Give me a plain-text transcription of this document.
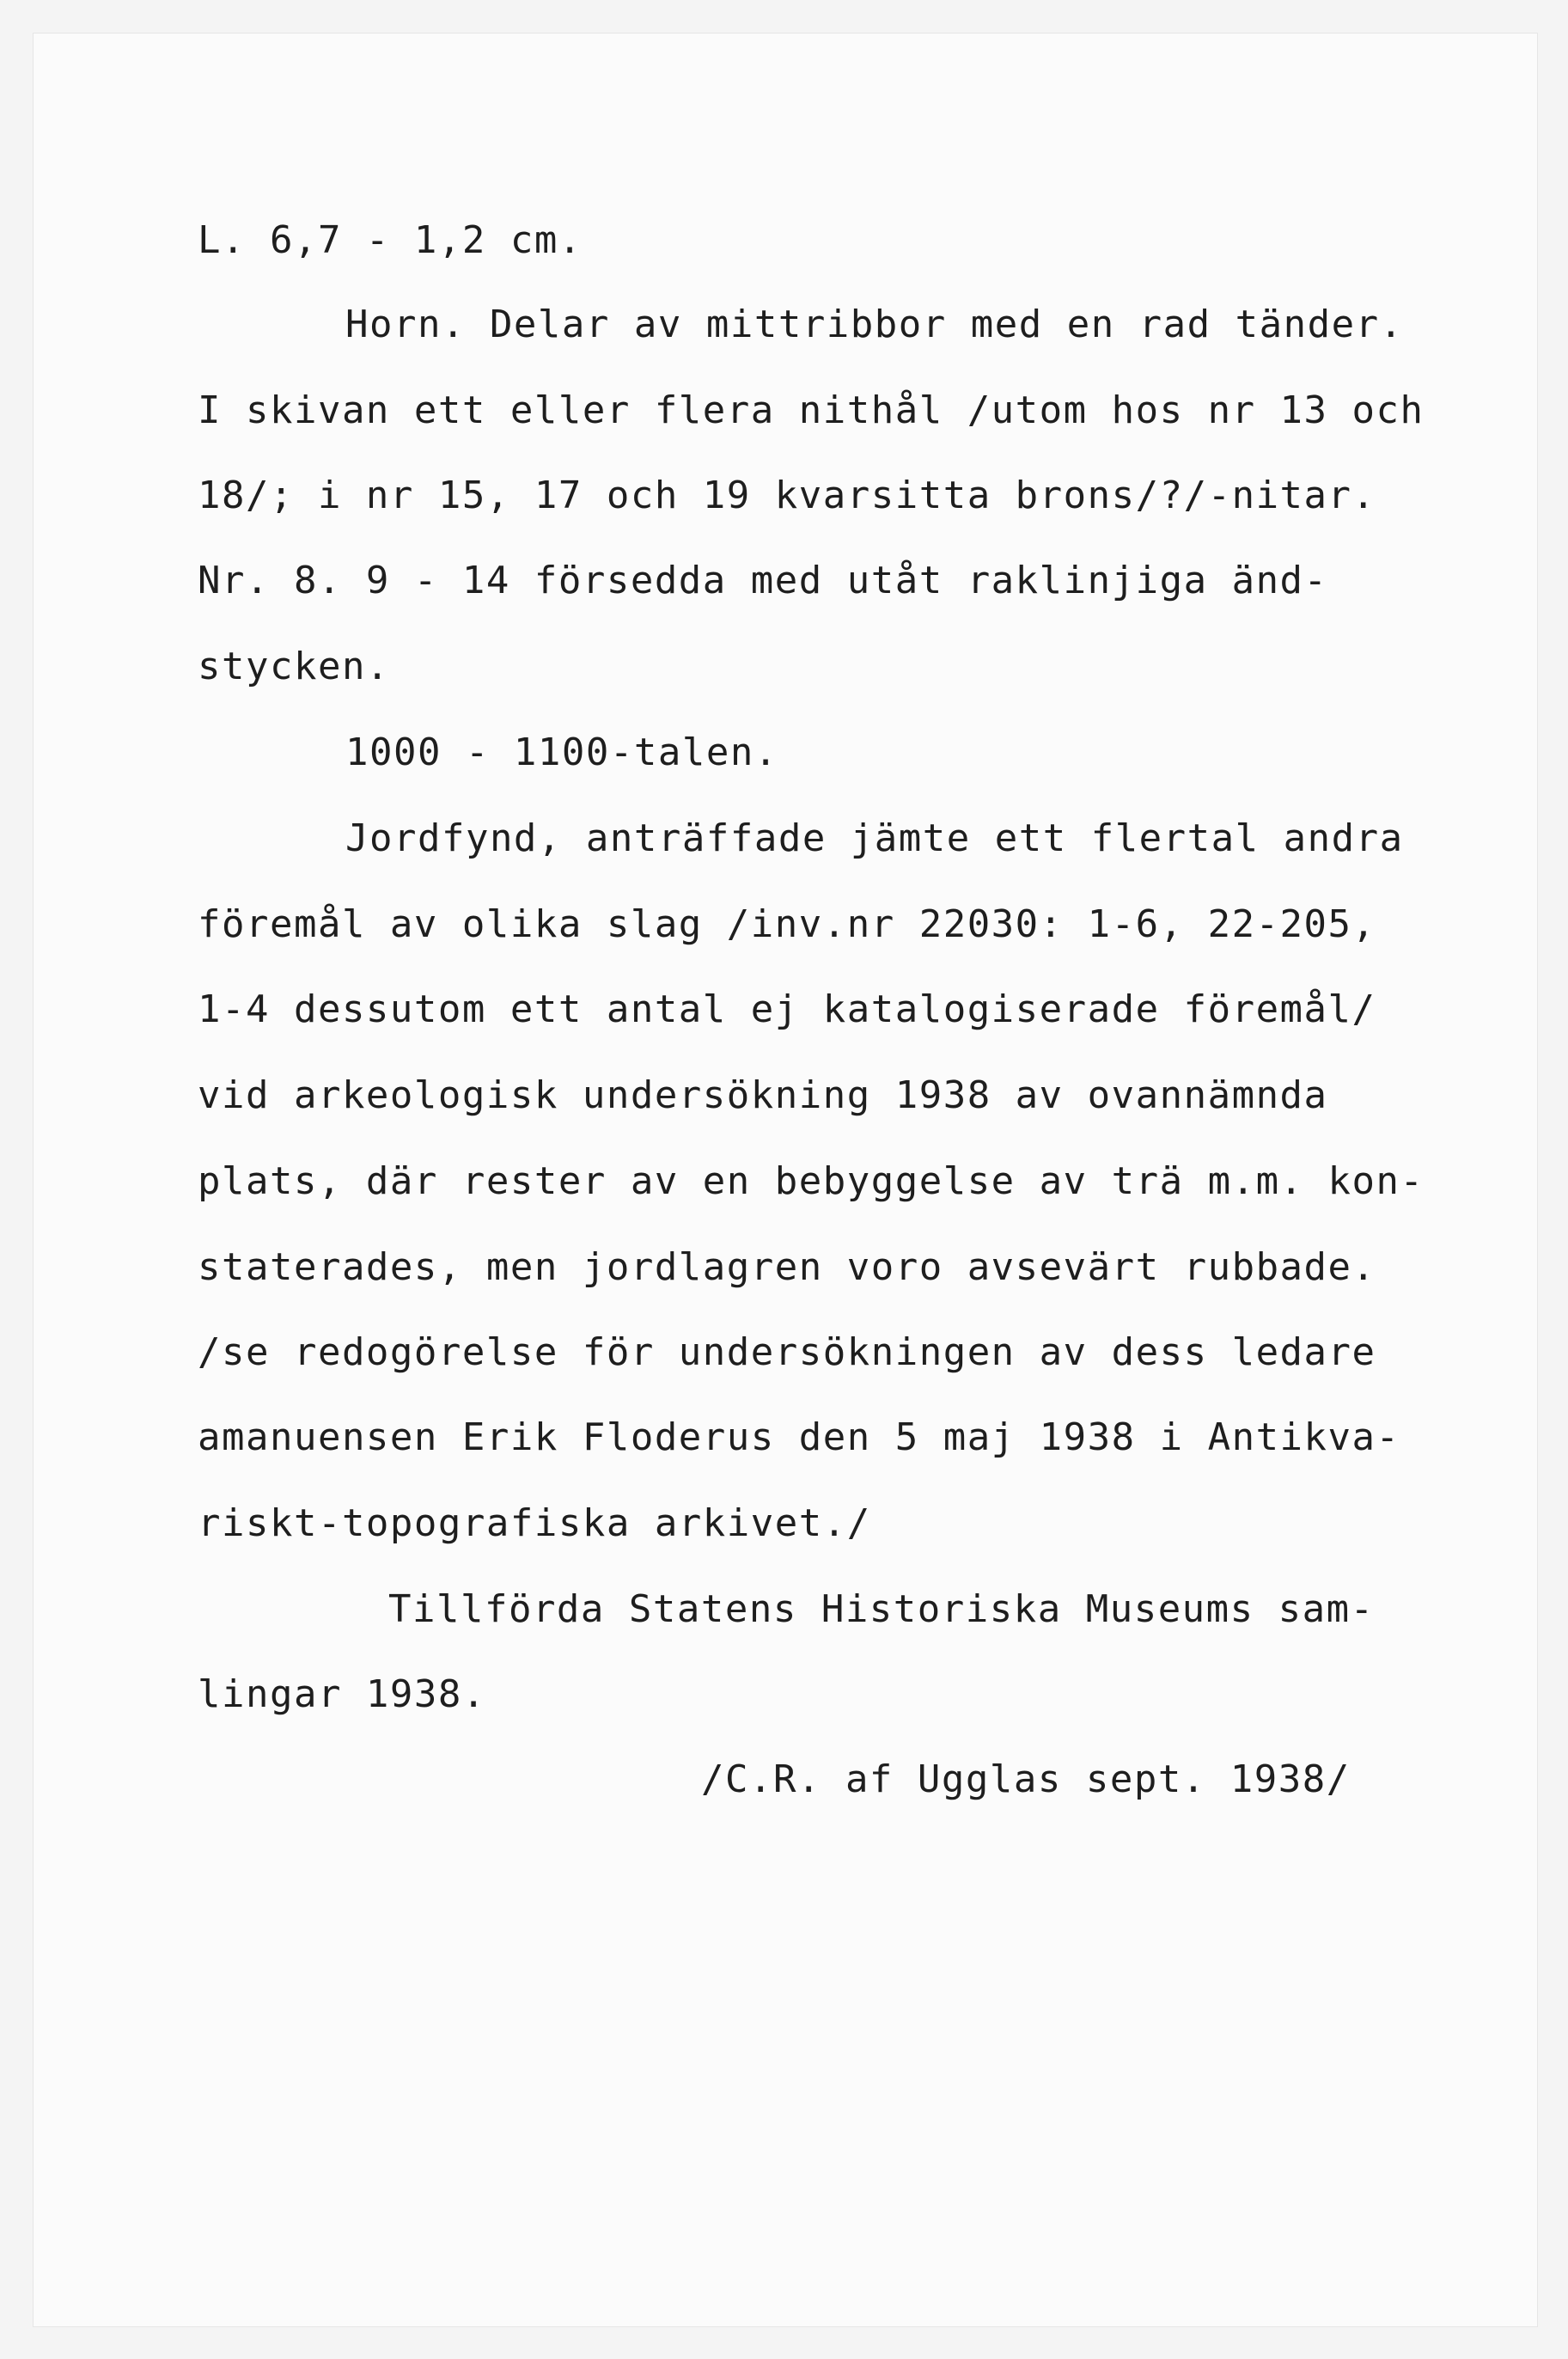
L. 6,7 - 1,2 cm.
Horn. Delar av mittribbor med en rad tänder.
I skivan ett eller flera nithål /utom hos nr 13 och
18/; i nr 15, 17 och 19 kvarsitta brons/?/-nitar.
Nr. 8. 9 - 14 försedda med utåt raklinjiga änd-
stycken.
1000 - 1100-talen.
Jordfynd, anträffade jämte ett flertal andra
föremål av olika slag /inv.nr 22030: 1-6, 22-205,
1-4 dessutom ett antal ej katalogiserade föremål/
vid arkeologisk undersökning 1938 av ovannämnda
plats, där rester av en bebyggelse av trä m.m. kon-
staterades, men jordlagren voro avsevärt rubbade.
/se redogörelse för undersökningen av dess ledare
amanuensen Erik Floderus den 5 maj 1938 i Antikva-
riskt-topografiska arkivet./
Tillförda Statens Historiska Museums sam-
lingar 1938.
/C.R. af Ugglas sept. 1938/
